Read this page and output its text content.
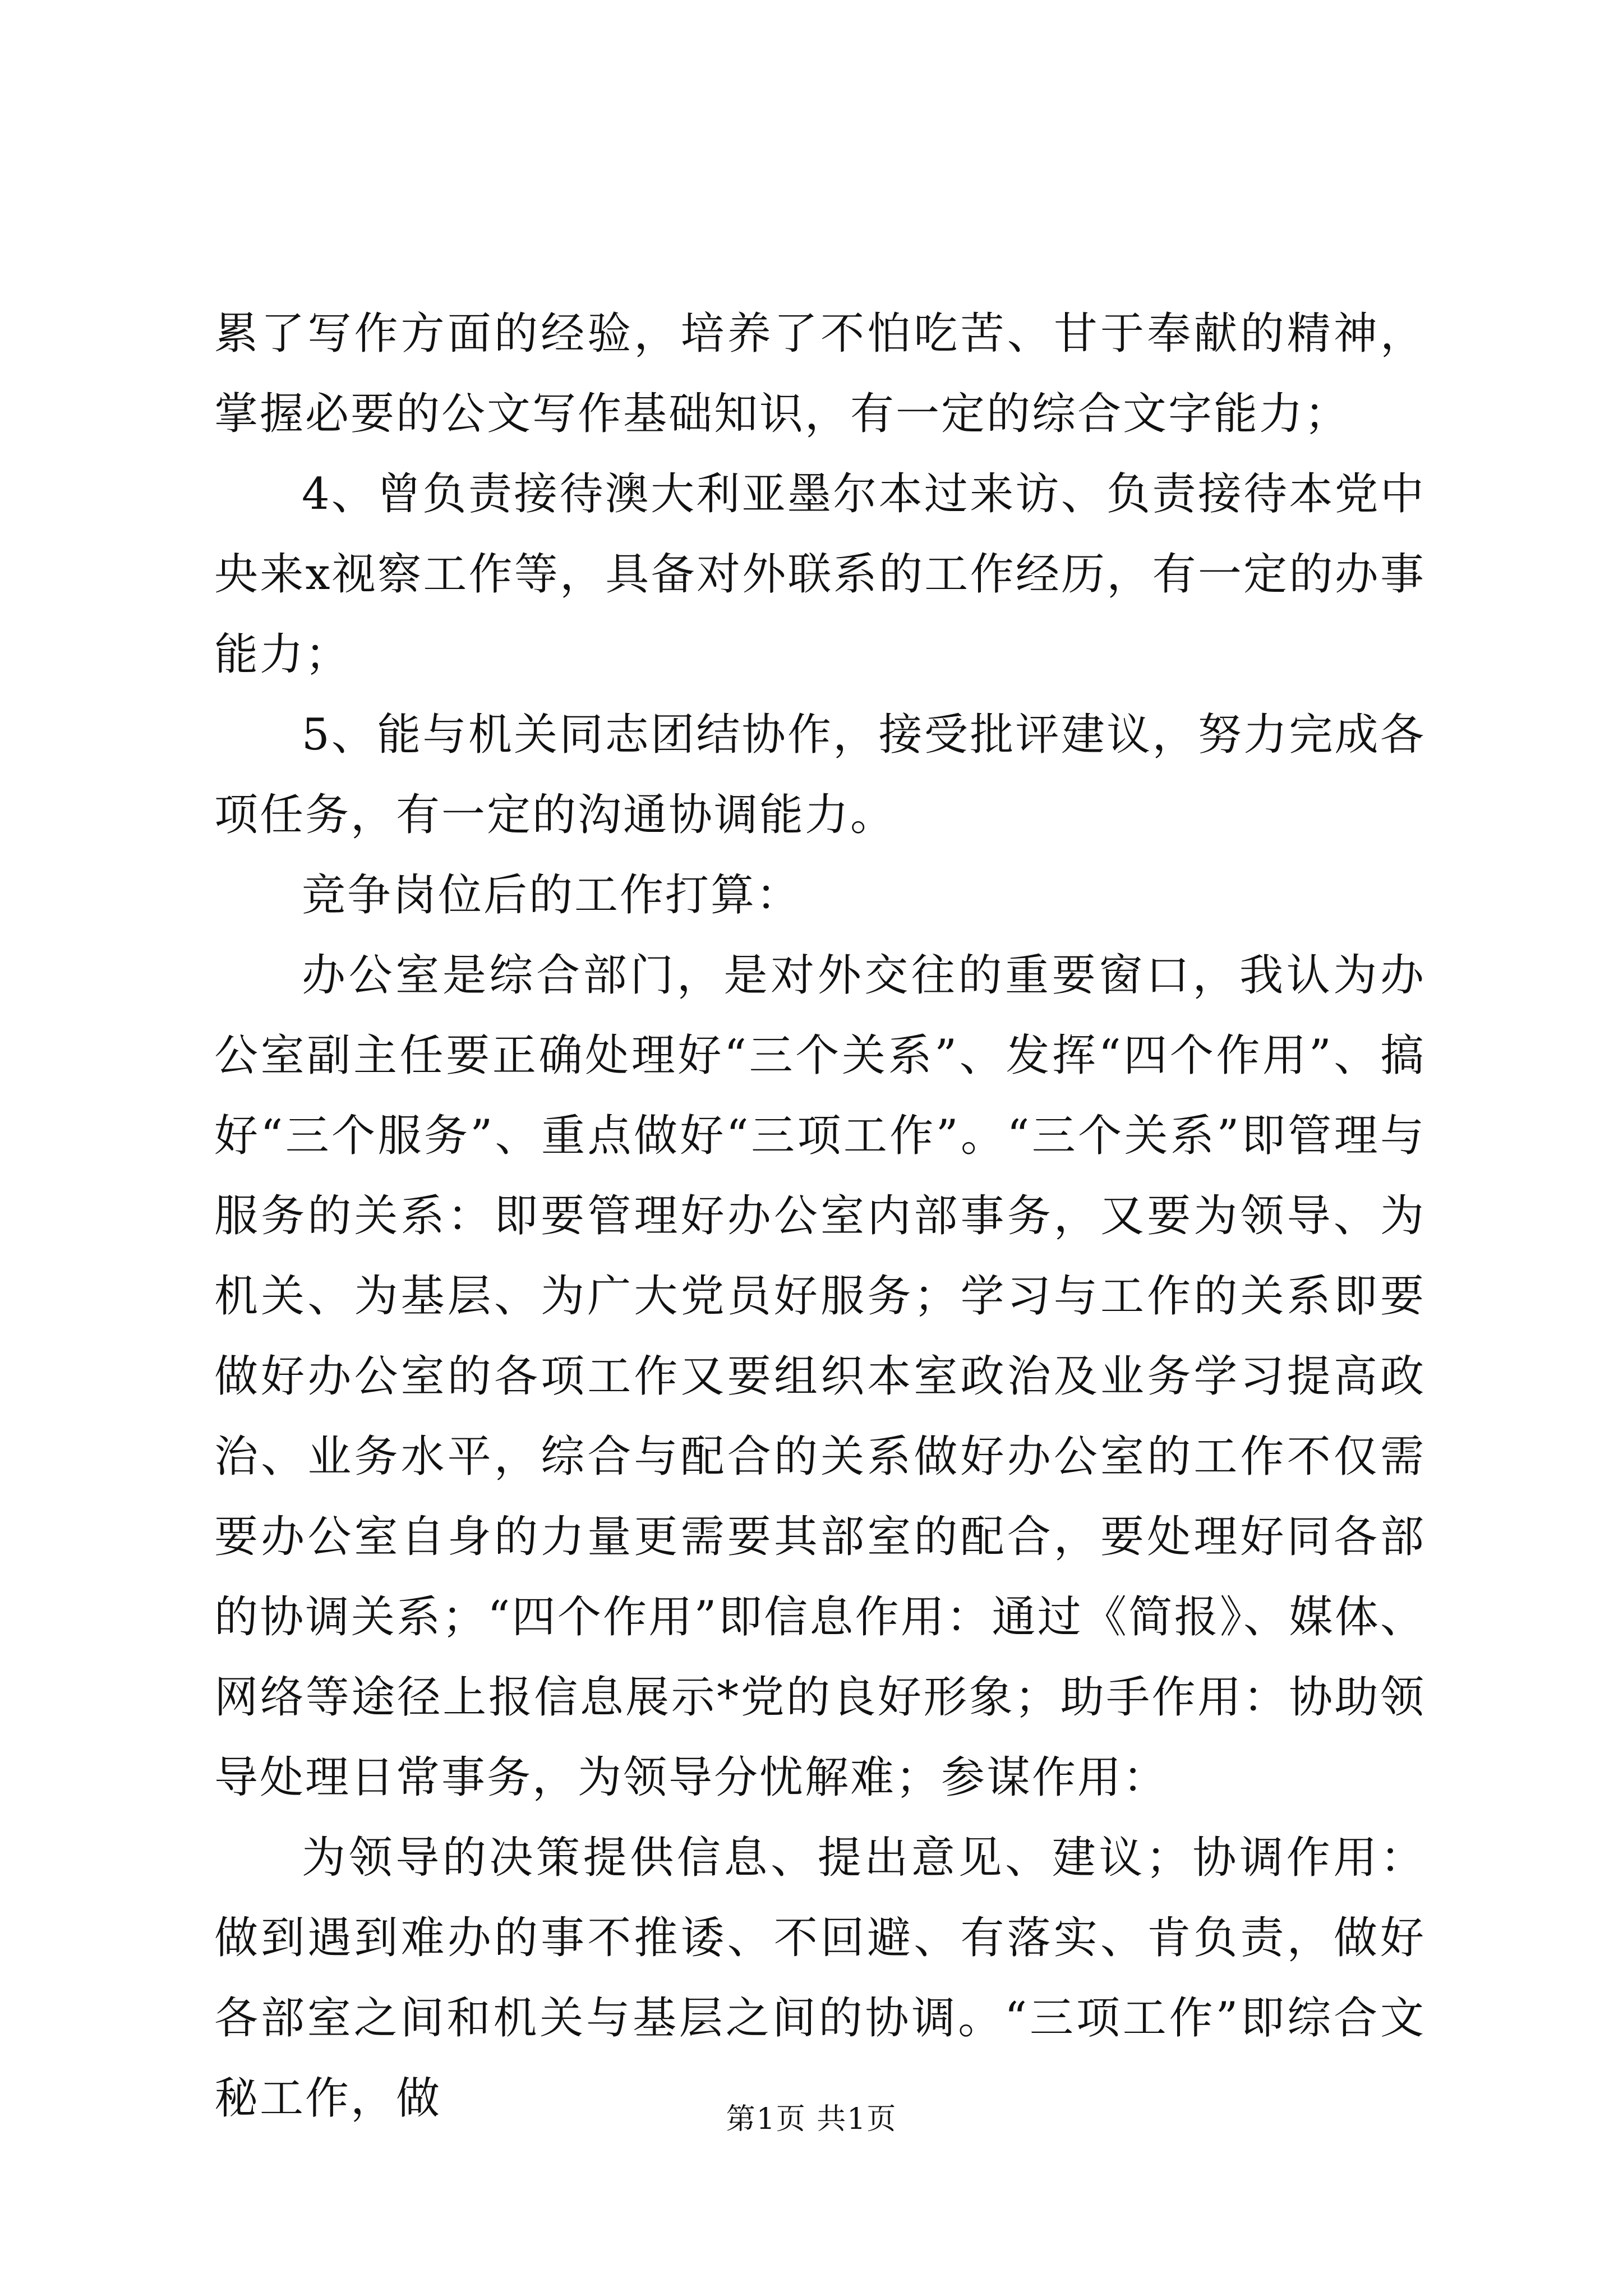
累了写作方面的经验，培养了不怕吃苦、甘于奉献的精神，掌握必要的公文写作基础知识，有一定的综合文字能力；

4、曾负责接待澳大利亚墨尔本过来访、负责接待本党中央来x视察工作等，具备对外联系的工作经历，有一定的办事能力；

5、能与机关同志团结协作，接受批评建议，努力完成各项任务，有一定的沟通协调能力。

竞争岗位后的工作打算：

办公室是综合部门，是对外交往的重要窗口，我认为办公室副主任要正确处理好“三个关系”、发挥“四个作用”、搞好“三个服务”、重点做好“三项工作”。“三个关系”即管理与服务的关系：即要管理好办公室内部事务，又要为领导、为机关、为基层、为广大党员好服务；学习与工作的关系即要做好办公室的各项工作又要组织本室政治及业务学习提高政治、业务水平，综合与配合的关系做好办公室的工作不仅需要办公室自身的力量更需要其部室的配合，要处理好同各部的协调关系；“四个作用”即信息作用：通过《简报》、媒体、网络等途径上报信息展示*党的良好形象；助手作用：协助领导处理日常事务，为领导分忧解难；参谋作用：

为领导的决策提供信息、提出意见、建议；协调作用：做到遇到难办的事不推诿、不回避、有落实、肯负责，做好各部室之间和机关与基层之间的协调。“三项工作”即综合文秘工作，做	第1页 共1页
